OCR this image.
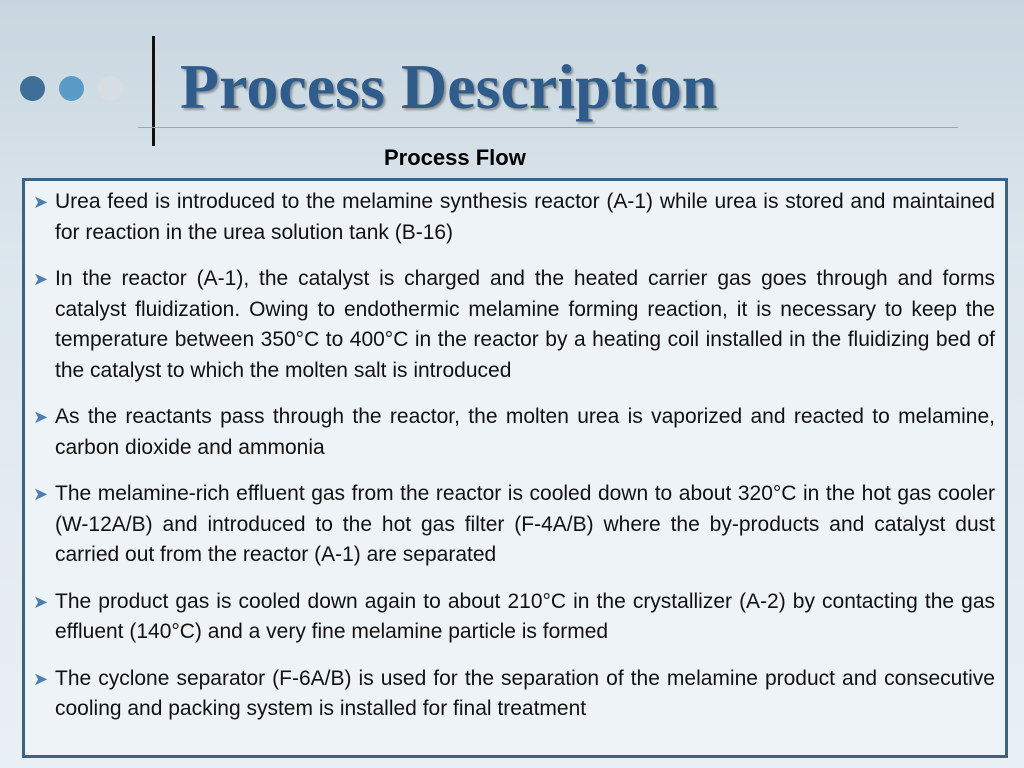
Process Description
Process Flow
➤ Urea feed is introduced to the melamine synthesis reactor (A-1) while urea is stored and maintained for reaction in the urea solution tank (B-16)
➤ In the reactor (A-1), the catalyst is charged and the heated carrier gas goes through and forms catalyst fluidization. Owing to endothermic melamine forming reaction, it is necessary to keep the temperature between 350°C to 400°C in the reactor by a heating coil installed in the fluidizing bed of the catalyst to which the molten salt is introduced
➤ As the reactants pass through the reactor, the molten urea is vaporized and reacted to melamine, carbon dioxide and ammonia
➤ The melamine-rich effluent gas from the reactor is cooled down to about 320°C in the hot gas cooler (W-12A/B) and introduced to the hot gas filter (F-4A/B) where the by-products and catalyst dust carried out from the reactor (A-1) are separated
➤ The product gas is cooled down again to about 210°C in the crystallizer (A-2) by contacting the gas effluent (140°C) and a very fine melamine particle is formed
➤ The cyclone separator (F-6A/B) is used for the separation of the melamine product and consecutive cooling and packing system is installed for final treatment
